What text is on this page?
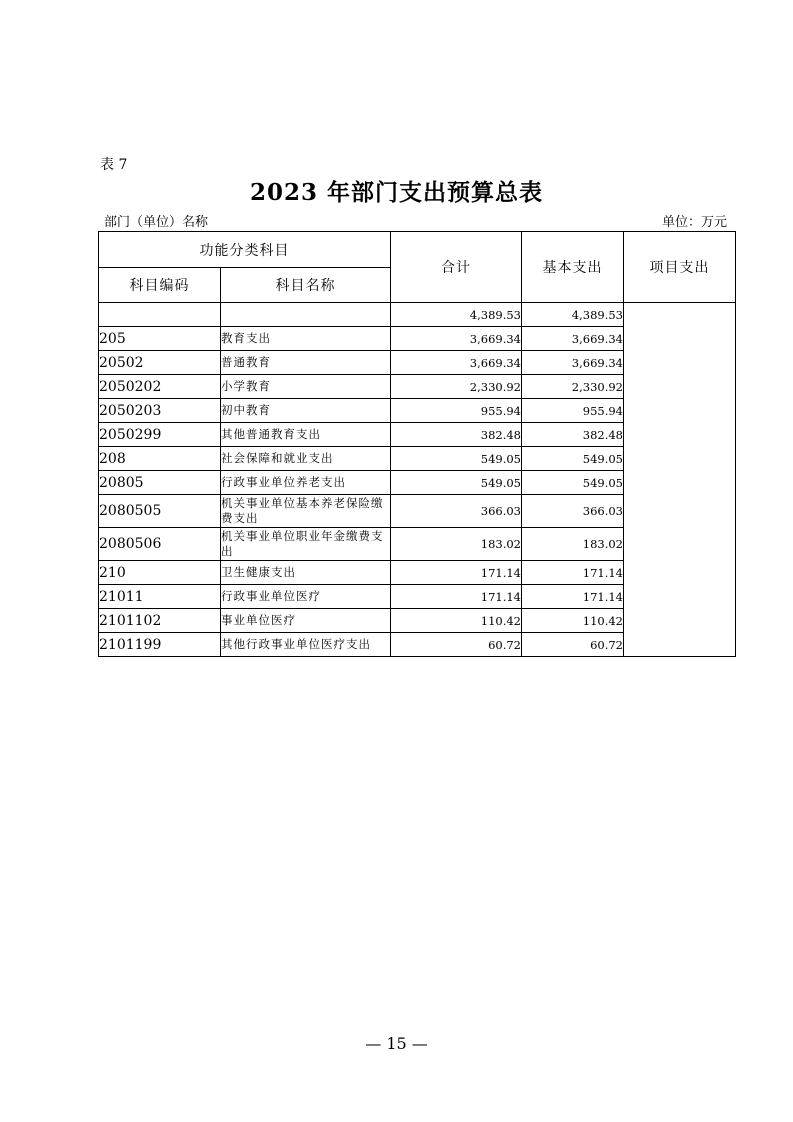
表 7
2023 年部门支出预算总表
部门（单位）名称	单位：万元
功能分类科目		合计	基本支出	项目支出
科目编码	科目名称			
		4,389.53	4,389.53	
205	教育支出	3,669.34	3,669.34	
20502	普通教育	3,669.34	3,669.34	
2050202	小学教育	2,330.92	2,330.92	
2050203	初中教育	955.94	955.94	
2050299	其他普通教育支出	382.48	382.48	
208	社会保障和就业支出	549.05	549.05	
20805	行政事业单位养老支出	549.05	549.05	
2080505	机关事业单位基本养老保险缴费支出	366.03	366.03	
2080506	机关事业单位职业年金缴费支出	183.02	183.02	
210	卫生健康支出	171.14	171.14	
21011	行政事业单位医疗	171.14	171.14	
2101102	事业单位医疗	110.42	110.42	
2101199	其他行政事业单位医疗支出	60.72	60.72	
— 15 —
